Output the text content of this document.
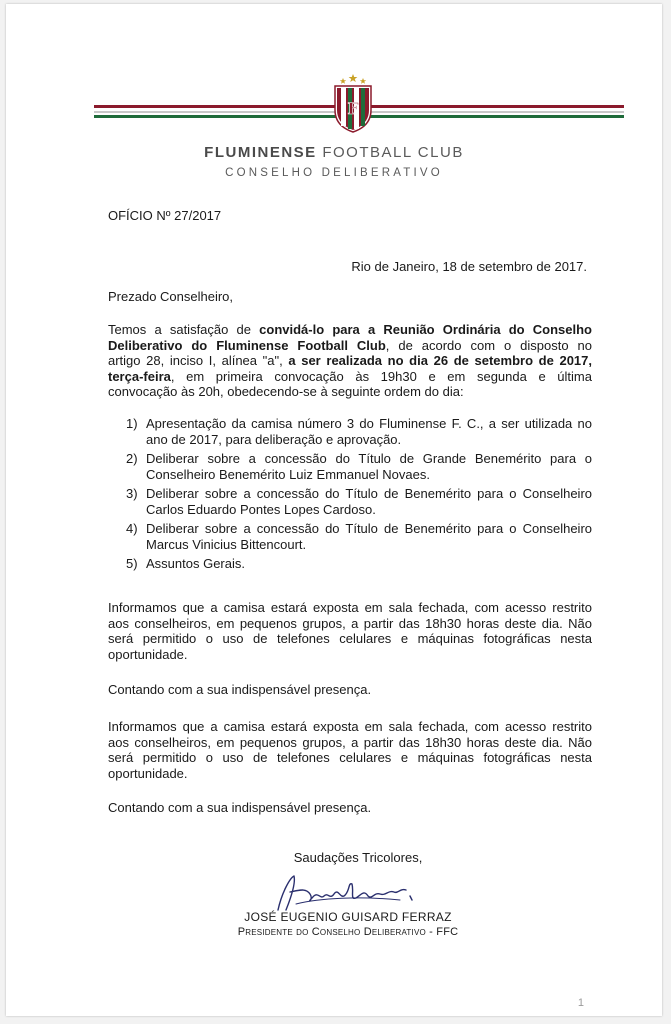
F
FLUMINENSE FOOTBALL CLUB
CONSELHO DELIBERATIVO
OFÍCIO Nº 27/2017
Rio de Janeiro, 18 de setembro de 2017.
Prezado Conselheiro,
Temos a satisfação de convidá-lo para a Reunião Ordinária do Conselho
Deliberativo do Fluminense Football Club, de acordo com o disposto no
artigo 28, inciso I, alínea "a", a ser realizada no dia 26 de setembro de 2017,
terça-feira, em primeira convocação às 19h30 e em segunda e última
convocação às 20h, obedecendo-se à seguinte ordem do dia:
1) Apresentação da camisa número 3 do Fluminense F. C., a ser utilizada no
ano de 2017, para deliberação e aprovação.
2) Deliberar sobre a concessão do Título de Grande Benemérito para o
Conselheiro Benemérito Luiz Emmanuel Novaes.
3) Deliberar sobre a concessão do Título de Benemérito para o Conselheiro
Carlos Eduardo Pontes Lopes Cardoso.
4) Deliberar sobre a concessão do Título de Benemérito para o Conselheiro
Marcus Vinicius Bittencourt.
5) Assuntos Gerais.
Informamos que a camisa estará exposta em sala fechada, com acesso restrito
aos conselheiros, em pequenos grupos, a partir das 18h30 horas deste dia. Não
será permitido o uso de telefones celulares e máquinas fotográficas nesta
oportunidade.
Contando com a sua indispensável presença.
Informamos que a camisa estará exposta em sala fechada, com acesso restrito
aos conselheiros, em pequenos grupos, a partir das 18h30 horas deste dia. Não
será permitido o uso de telefones celulares e máquinas fotográficas nesta
oportunidade.
Contando com a sua indispensável presença.
Saudações Tricolores,
JOSÉ EUGENIO GUISARD FERRAZ
Presidente do Conselho Deliberativo - FFC
1
